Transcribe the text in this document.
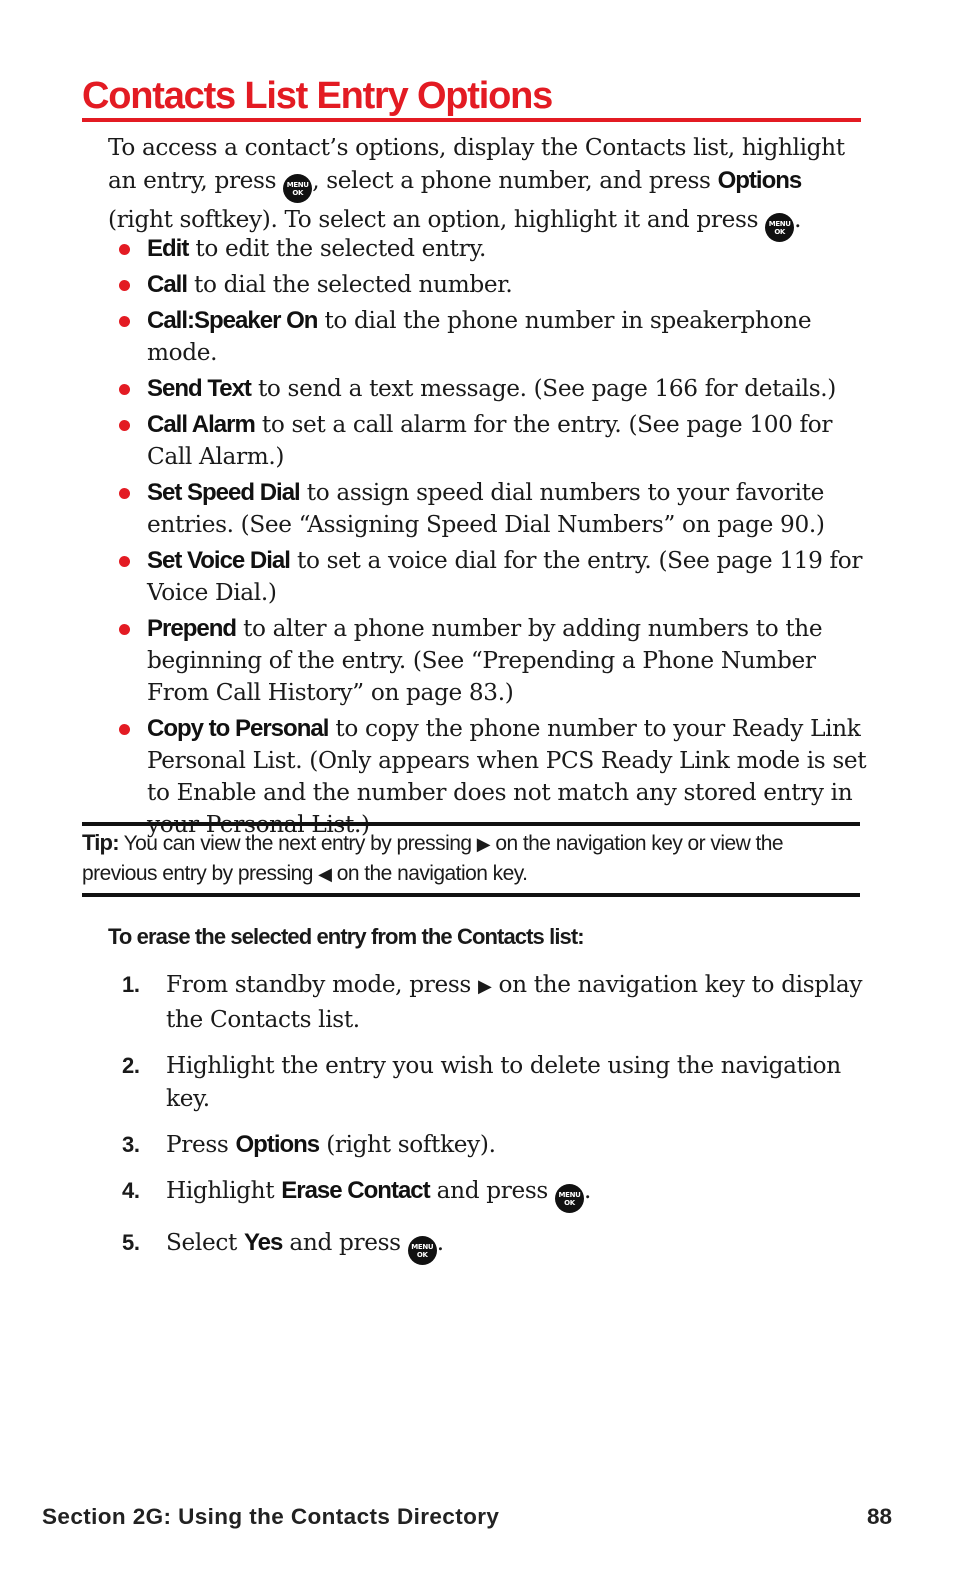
Contacts List Entry Options

To access a contact’s options, display the Contacts list, highlight an entry, press MENU
OK , select a phone number, and press Options (right softkey). To select an option, highlight it and press MENU
OK .

Edit to edit the selected entry.
Call to dial the selected number.
Call:Speaker On to dial the phone number in speakerphone mode.
Send Text to send a text message. (See page 166 for details.)
Call Alarm to set a call alarm for the entry. (See page 100 for Call Alarm.)
Set Speed Dial to assign speed dial numbers to your favorite entries. (See “Assigning Speed Dial Numbers” on page 90.)
Set Voice Dial to set a voice dial for the entry. (See page 119 for Voice Dial.)
Prepend to alter a phone number by adding numbers to the beginning of the entry. (See “Prepending a Phone Number From Call History” on page 83.)
Copy to Personal to copy the phone number to your Ready Link Personal List. (Only appears when PCS Ready Link mode is set to Enable and the number does not match any stored entry in
Tip: You can view the next entry by pressing ▶ on the navigation key or view the previous entry by pressing ◀ on the navigation key.
To erase the selected entry from the Contacts list:
1. From standby mode, press ▶ on the navigation key to display the Contacts list.
2. Highlight the entry you wish to delete using the navigation key.
3. Press Options (right softkey).
4. Highlight Erase Contact and press MENU
OK .
5. Select Yes and press MENU
OK .
Section 2G: Using the Contacts Directory	88
